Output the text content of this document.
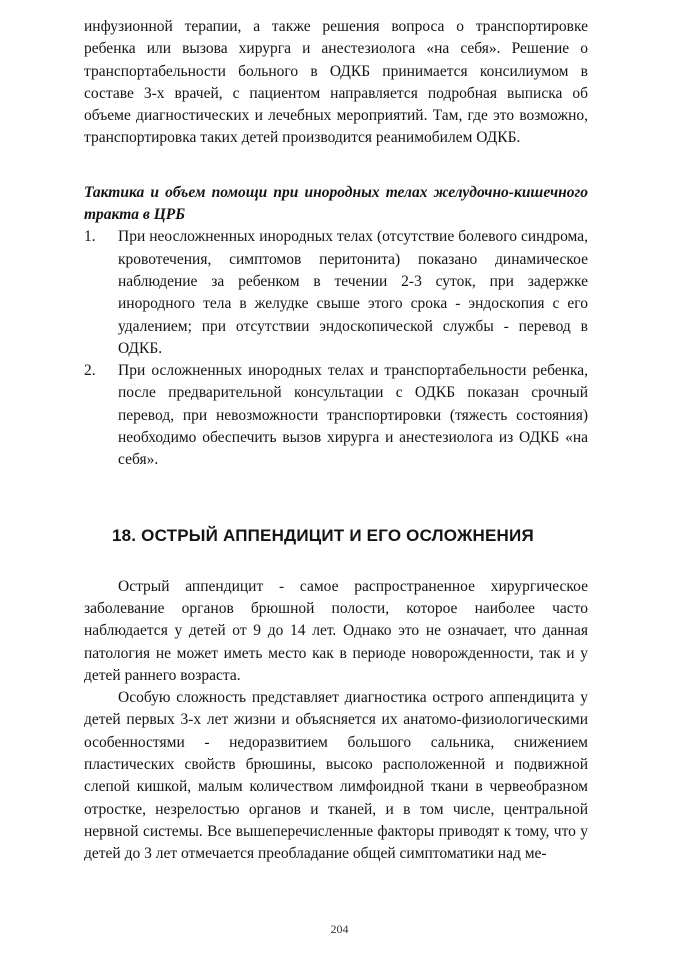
инфузионной терапии, а также решения вопроса о транспортировке ребенка или вызова хирурга и анестезиолога «на себя». Решение о транспортабельности больного в ОДКБ принимается консилиумом в составе 3-х врачей, с пациентом направляется подробная выписка об объеме диагностических и лечебных мероприятий. Там, где это возможно, транспортировка таких детей производится реанимобилем ОДКБ.

Тактика и объем помощи при инородных телах желудочно-кишечного тракта в ЦРБ

1. При неосложненных инородных телах (отсутствие болевого синдрома, кровотечения, симптомов перитонита) показано динамическое наблюдение за ребенком в течении 2-3 суток, при задержке инородного тела в желудке свыше этого срока - эндоскопия с его удалением; при отсутствии эндоскопической службы - перевод в ОДКБ.
2. При осложненных инородных телах и транспортабельности ребенка, после предварительной консультации с ОДКБ показан срочный перевод, при невозможности транспортировки (тяжесть состояния) необходимо обеспечить вызов хирурга и анестезиолога из ОДКБ «на себя».
18. ОСТРЫЙ АППЕНДИЦИТ И ЕГО ОСЛОЖНЕНИЯ

Острый аппендицит - самое распространенное хирургическое заболевание органов брюшной полости, которое наиболее часто наблюдается у детей от 9 до 14 лет. Однако это не означает, что данная патология не может иметь место как в периоде новорожденности, так и у детей раннего возраста.

Особую сложность представляет диагностика острого аппендицита у детей первых 3-х лет жизни и объясняется их анатомо-физиологическими особенностями - недоразвитием большого сальника, снижением пластических свойств брюшины, высоко расположенной и подвижной слепой кишкой, малым количеством лимфоидной ткани в червеобразном отростке, незрелостью органов и тканей, и в том числе, центральной нервной системы. Все вышеперечисленные факторы приводят к тому, что у детей до 3 лет отмечается преобладание общей симптоматики над ме-

204
